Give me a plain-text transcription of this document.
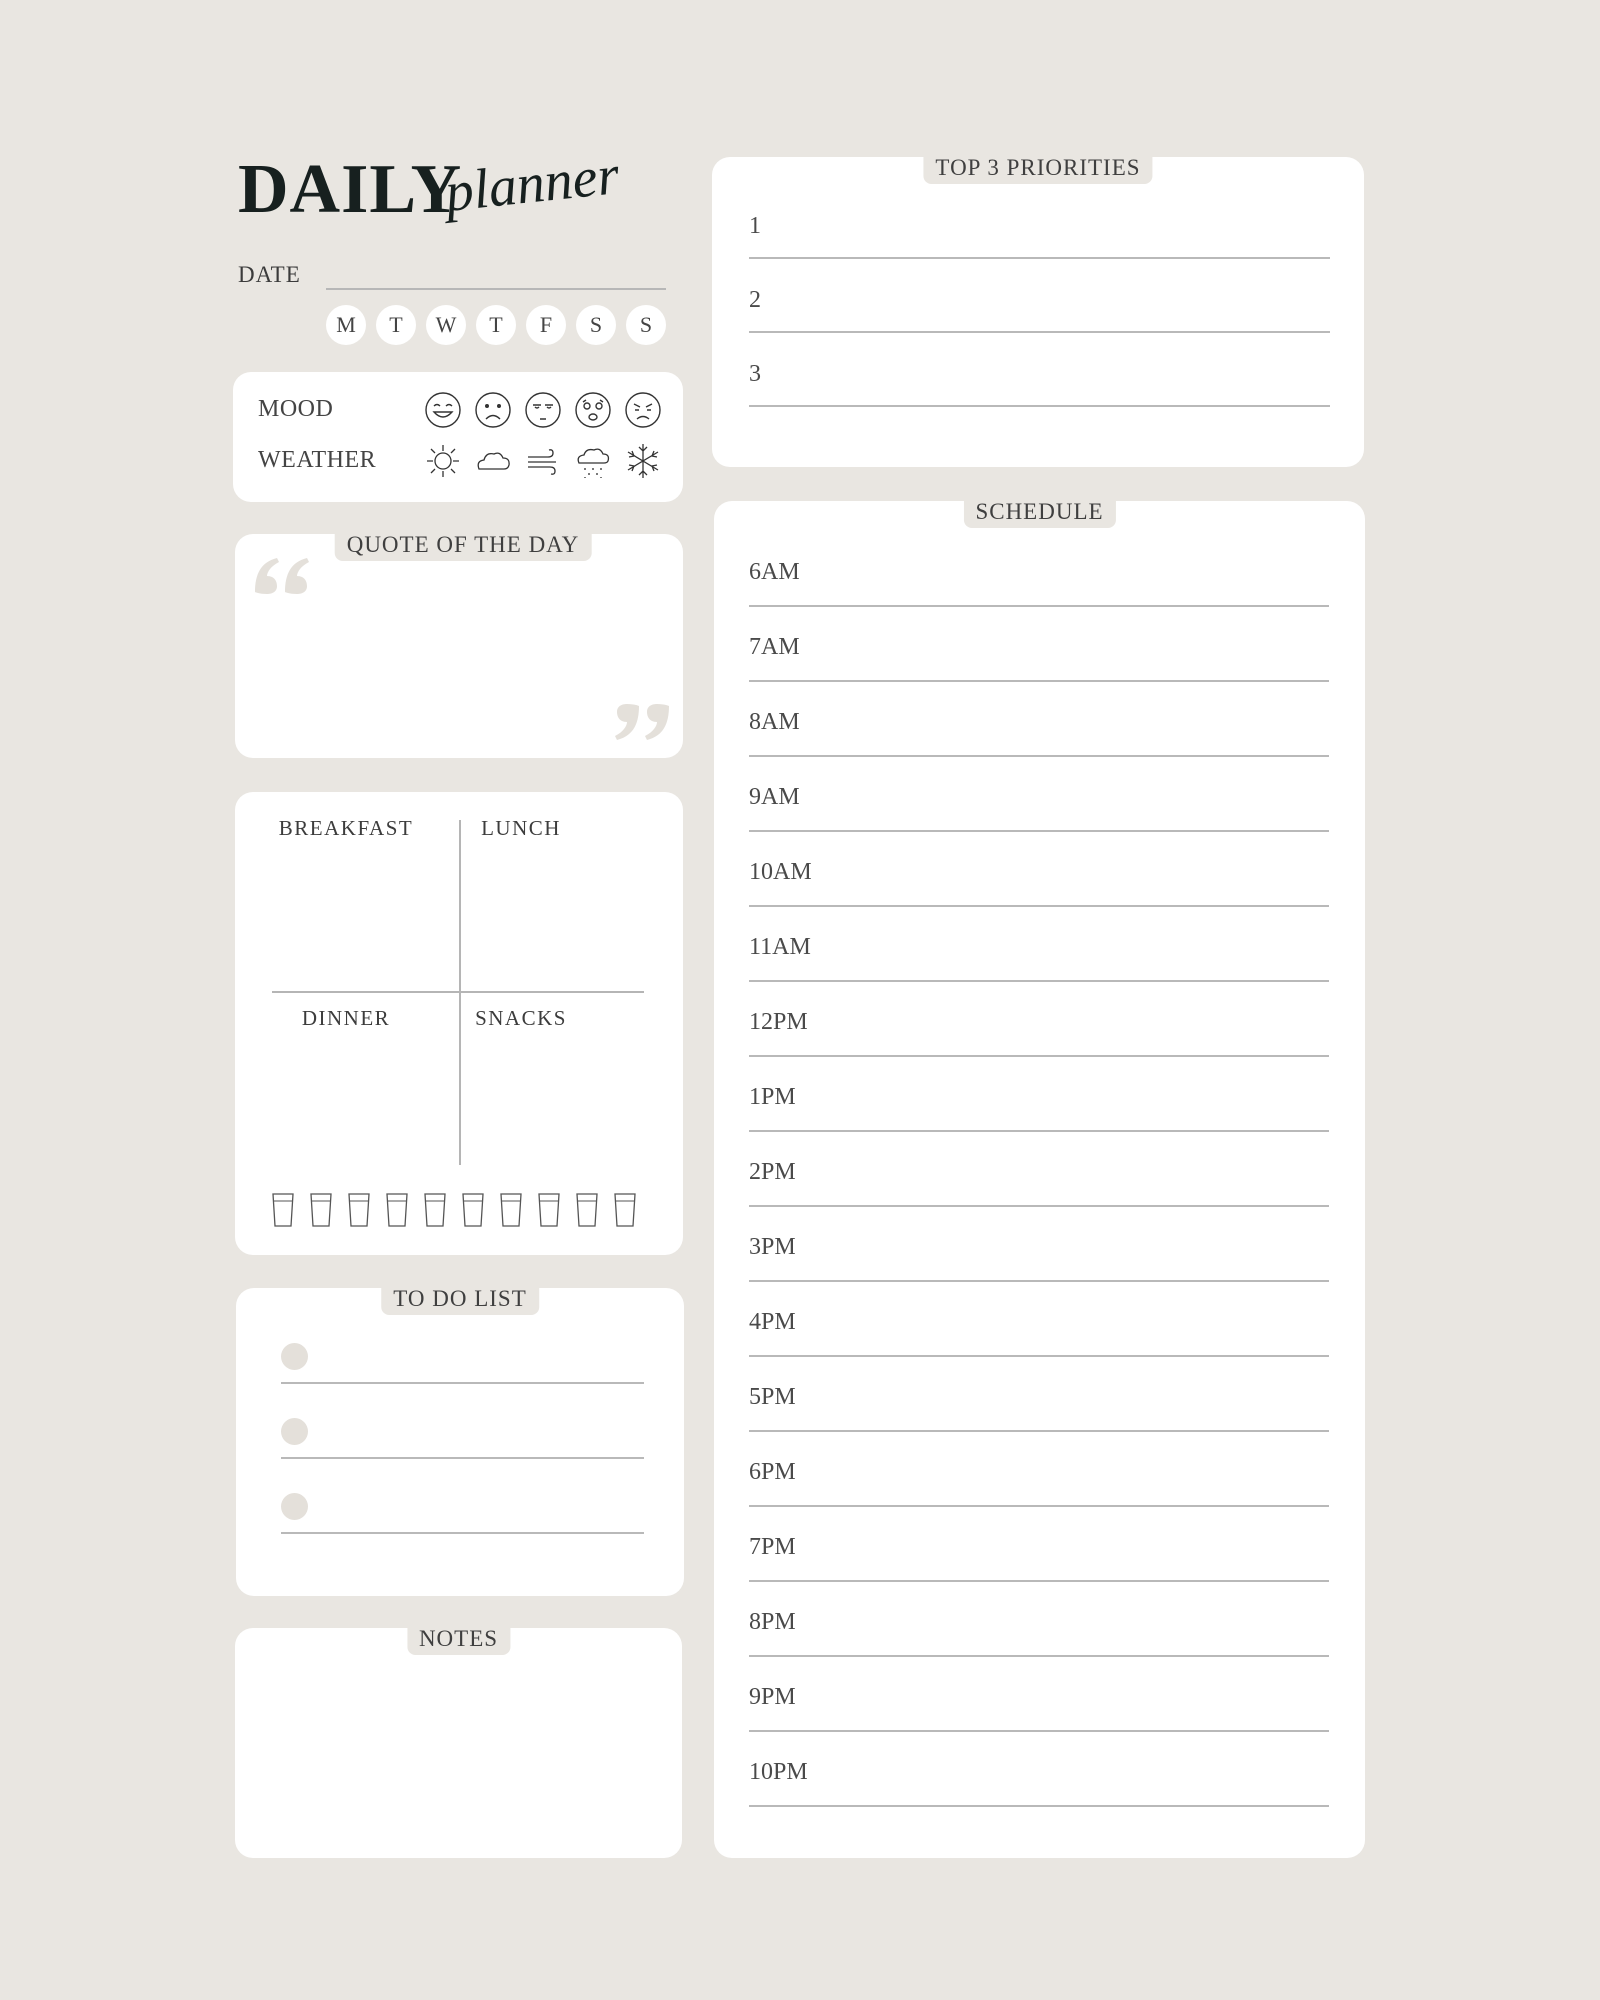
DAILY
planner
DATE
M	T	W	T	F	S	S
MOOD
WEATHER
QUOTE OF THE DAY
BREAKFAST	LUNCH
DINNER	SNACKS
TO DO LIST
NOTES
TOP 3 PRIORITIES
1
2
3
SCHEDULE
6AM
7AM
8AM
9AM
10AM
11AM
12PM
1PM
2PM
3PM
4PM
5PM
6PM
7PM
8PM
9PM
10PM
